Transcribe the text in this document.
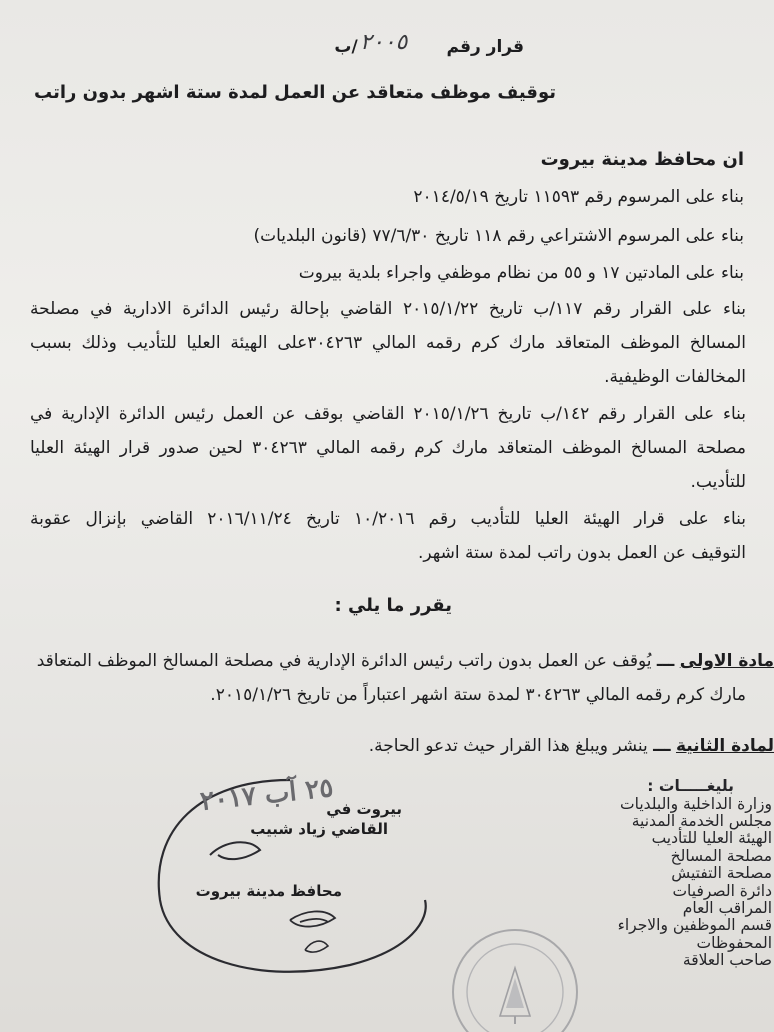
قرار رقم               /ب ٢٠٠٥
توقيف موظف متعاقد عن العمل لمدة ستة اشهر بدون راتب
ان محافظ مدينة بيروت
بناء على المرسوم رقم ١١٥٩٣ تاريخ ٢٠١٤/٥/١٩
بناء على المرسوم الاشتراعي رقم ١١٨ تاريخ ٧٧/٦/٣٠ (قانون البلديات)
بناء على المادتين ١٧ و ٥٥ من نظام موظفي واجراء بلدية بيروت
بناء على القرار رقم ١١٧/ب تاريخ ٢٠١٥/١/٢٢ القاضي بإحالة رئيس الدائرة الادارية في مصلحة
المسالخ الموظف المتعاقد مارك كرم رقمه المالي ٣٠٤٢٦٣على الهيئة العليا للتأديب وذلك بسبب
المخالفات الوظيفية.
بناء على القرار رقم ١٤٢/ب تاريخ ٢٠١٥/١/٢٦ القاضي بوقف عن العمل رئيس الدائرة الإدارية في
مصلحة المسالخ الموظف المتعاقد مارك كرم رقمه المالي ٣٠٤٢٦٣ لحين صدور قرار الهيئة العليا
للتأديب.
بناء على قرار الهيئة العليا للتأديب رقم ١٠/٢٠١٦ تاريخ ٢٠١٦/١١/٢٤ القاضي بإنزال عقوبة
التوقيف عن العمل بدون راتب لمدة ستة اشهر.
يقرر ما يلي :
مادة الاولى ـــ يُوقف عن العمل بدون راتب رئيس الدائرة الإدارية في مصلحة المسالخ الموظف المتعاقد
مارك كرم رقمه المالي ٣٠٤٢٦٣ لمدة ستة اشهر اعتباراً من تاريخ ٢٠١٥/١/٢٦.
لمادة الثانية ـــ ينشر ويبلغ هذا القرار حيث تدعو الحاجة.
٢٥ آب ٢٠١٧
بيروت في
القاضي زياد شبيب
محافظ مدينة بيروت
بليغـــــات :
وزارة الداخلية والبلديات
مجلس الخدمة المدنية
الهيئة العليا للتأديب
مصلحة المسالخ
مصلحة التفتيش
دائرة الصرفيات
المراقب العام
قسم الموظفين والاجراء
المحفوظات
صاحب العلاقة
